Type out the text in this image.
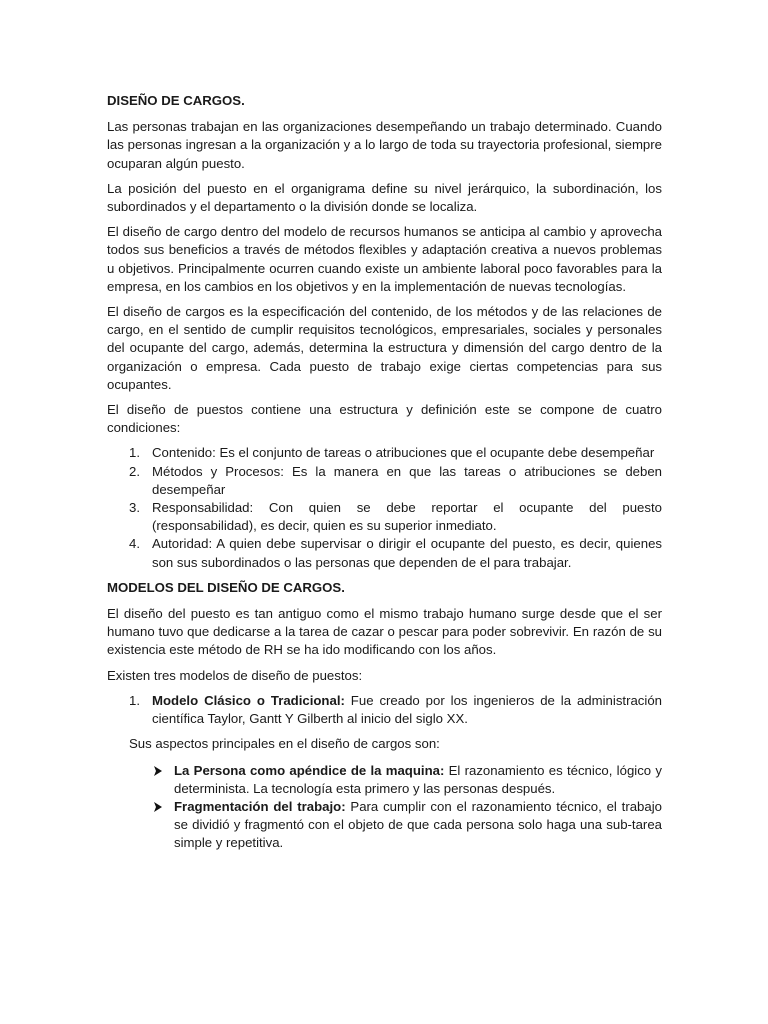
DISEÑO DE CARGOS.

Las personas trabajan en las organizaciones desempeñando un trabajo determinado. Cuando las personas ingresan a la organización y a lo largo de toda su trayectoria profesional, siempre ocuparan algún puesto.

La posición del puesto en el organigrama define su nivel jerárquico, la subordinación, los subordinados y el departamento o la división donde se localiza.

El diseño de cargo dentro del modelo de recursos humanos se anticipa al cambio y aprovecha todos sus beneficios a través de métodos flexibles y adaptación creativa a nuevos problemas u objetivos. Principalmente ocurren cuando existe un ambiente laboral poco favorables para la empresa, en los cambios en los objetivos y en la implementación de nuevas tecnologías.

El diseño de cargos es la especificación del contenido, de los métodos y de las relaciones de cargo, en el sentido de cumplir requisitos tecnológicos, empresariales, sociales y personales del ocupante del cargo, además, determina la estructura y dimensión del cargo dentro de la organización o empresa. Cada puesto de trabajo exige ciertas competencias para sus ocupantes.

El diseño de puestos contiene una estructura y definición este se compone de cuatro condiciones:

1. Contenido: Es el conjunto de tareas o atribuciones que el ocupante debe desempeñar
2. Métodos y Procesos: Es la manera en que las tareas o atribuciones se deben desempeñar
3. Responsabilidad: Con quien se debe reportar el ocupante del puesto (responsabilidad), es decir, quien es su superior inmediato.
4. Autoridad: A quien debe supervisar o dirigir el ocupante del puesto, es decir, quienes son sus subordinados o las personas que dependen de el para trabajar.
MODELOS DEL DISEÑO DE CARGOS.

El diseño del puesto es tan antiguo como el mismo trabajo humano surge desde que el ser humano tuvo que dedicarse a la tarea de cazar o pescar para poder sobrevivir. En razón de su existencia este método de RH se ha ido modificando con los años.

Existen tres modelos de diseño de puestos:

1. Modelo Clásico o Tradicional: Fue creado por los ingenieros de la administración científica Taylor, Gantt Y Gilberth al inicio del siglo XX.

Sus aspectos principales en el diseño de cargos son:

La Persona como apéndice de la maquina: El razonamiento es técnico, lógico y determinista. La tecnología esta primero y las personas después.
Fragmentación del trabajo: Para cumplir con el razonamiento técnico, el trabajo se dividió y fragmentó con el objeto de que cada persona solo haga una sub-tarea simple y repetitiva.
